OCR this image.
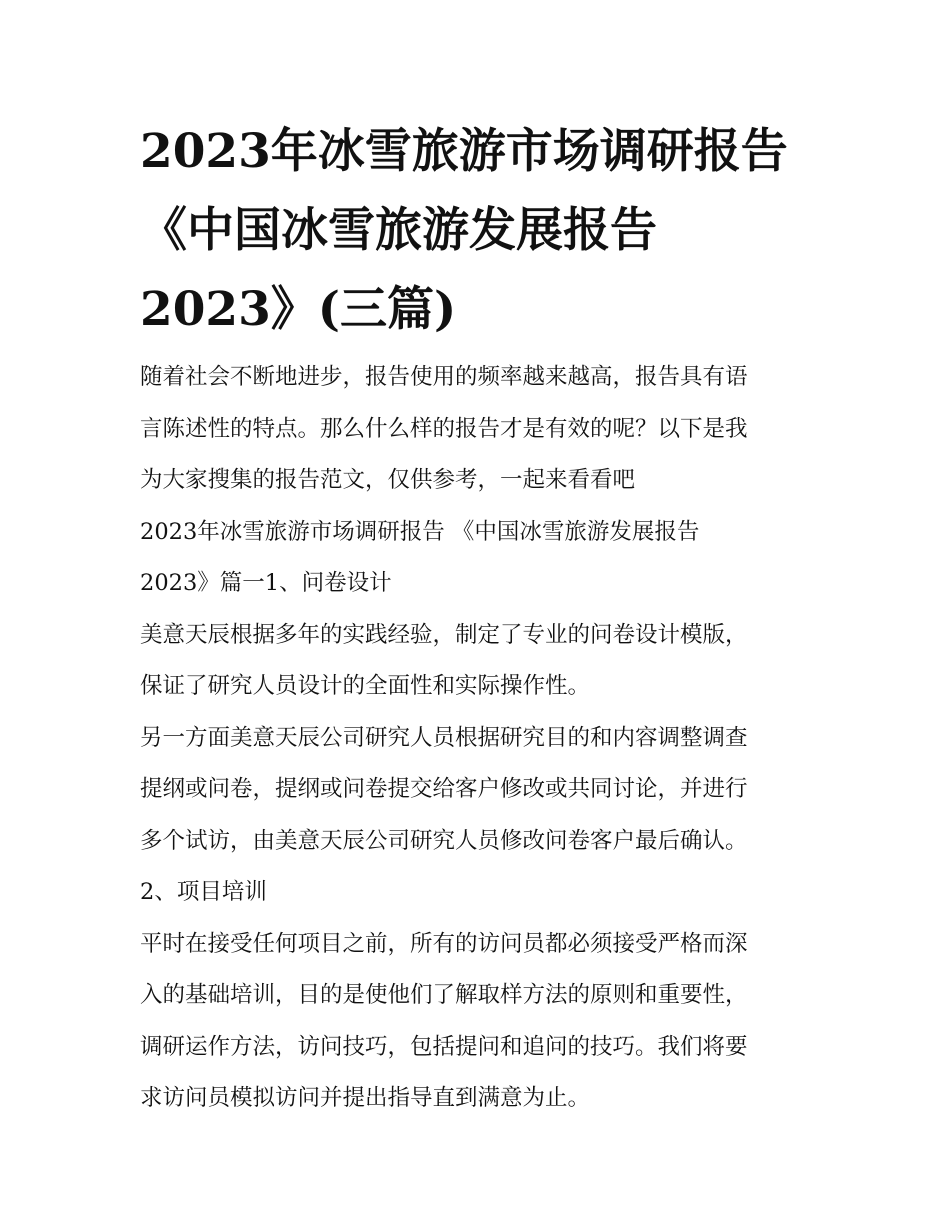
2023年冰雪旅游市场调研报告
《中国冰雪旅游发展报告
2023》(三篇)
随着社会不断地进步，报告使用的频率越来越高，报告具有语
言陈述性的特点。那么什么样的报告才是有效的呢？以下是我
为大家搜集的报告范文，仅供参考，一起来看看吧
2023年冰雪旅游市场调研报告 《中国冰雪旅游发展报告
2023》篇一1、问卷设计
美意天辰根据多年的实践经验，制定了专业的问卷设计模版，
保证了研究人员设计的全面性和实际操作性。
另一方面美意天辰公司研究人员根据研究目的和内容调整调查
提纲或问卷，提纲或问卷提交给客户修改或共同讨论，并进行
多个试访，由美意天辰公司研究人员修改问卷客户最后确认。
2、项目培训
平时在接受任何项目之前，所有的访问员都必须接受严格而深
入的基础培训，目的是使他们了解取样方法的原则和重要性，
调研运作方法，访问技巧，包括提问和追问的技巧。我们将要
求访问员模拟访问并提出指导直到满意为止。
